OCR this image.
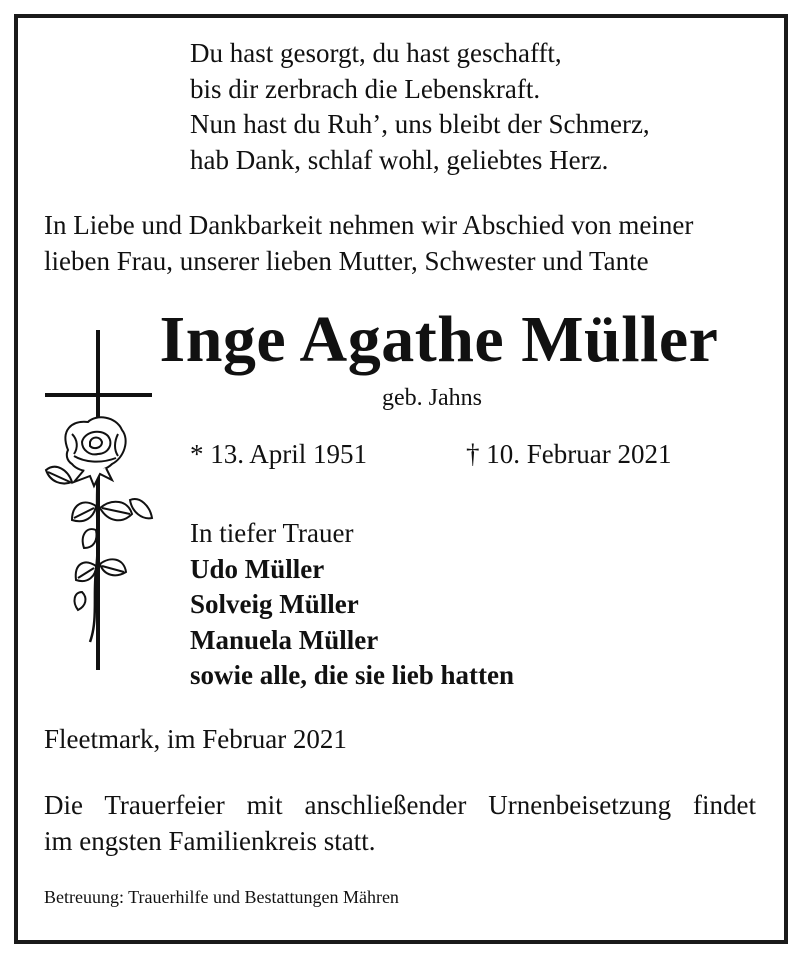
Du hast gesorgt, du hast geschafft,
bis dir zerbrach die Lebenskraft.
Nun hast du Ruh’, uns bleibt der Schmerz,
hab Dank, schlaf wohl, geliebtes Herz.
In Liebe und Dankbarkeit nehmen wir Abschied von meiner
lieben Frau, unserer lieben Mutter, Schwester und Tante
Inge Agathe Müller
geb. Jahns
* 13. April 1951	† 10. Februar 2021
In tiefer Trauer
Udo Müller
Solveig Müller
Manuela Müller
sowie alle, die sie lieb hatten
Fleetmark, im Februar 2021
Die Trauerfeier mit anschließender Urnenbeisetzung findet
im engsten Familienkreis statt.
Betreuung: Trauerhilfe und Bestattungen Mähren
